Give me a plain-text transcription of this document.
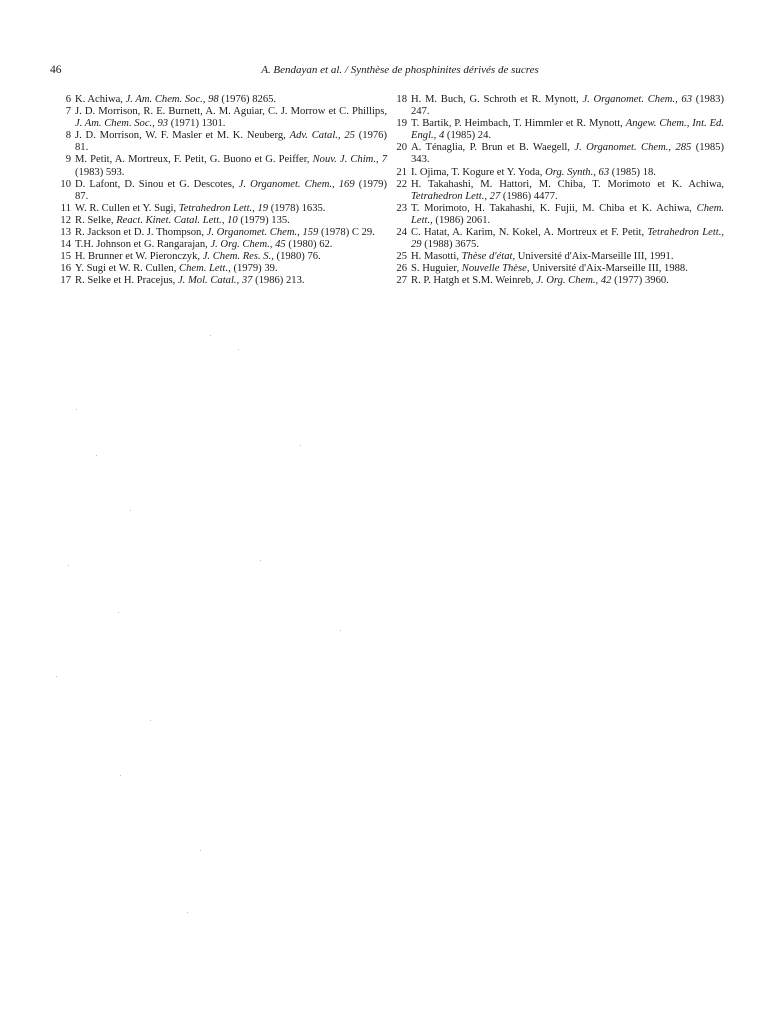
46	A. Bendayan et al. / Synthèse de phosphinites dérivés de sucres
6 K. Achiwa, J. Am. Chem. Soc., 98 (1976) 8265.
7 J. D. Morrison, R. E. Burnett, A. M. Aguiar, C. J. Morrow et C. Phillips, J. Am. Chem. Soc., 93 (1971) 1301.
8 J. D. Morrison, W. F. Masler et M. K. Neuberg, Adv. Catal., 25 (1976) 81.
9 M. Petit, A. Mortreux, F. Petit, G. Buono et G. Peiffer, Nouv. J. Chim., 7 (1983) 593.
10 D. Lafont, D. Sinou et G. Descotes, J. Organomet. Chem., 169 (1979) 87.
11 W. R. Cullen et Y. Sugi, Tetrahedron Lett., 19 (1978) 1635.
12 R. Selke, React. Kinet. Catal. Lett., 10 (1979) 135.
13 R. Jackson et D. J. Thompson, J. Organomet. Chem., 159 (1978) C 29.
14 T.H. Johnson et G. Rangarajan, J. Org. Chem., 45 (1980) 62.
15 H. Brunner et W. Pieronczyk, J. Chem. Res. S., (1980) 76.
16 Y. Sugi et W. R. Cullen, Chem. Lett., (1979) 39.
17 R. Selke et H. Pracejus, J. Mol. Catal., 37 (1986) 213.
18 H. M. Buch, G. Schroth et R. Mynott, J. Organomet. Chem., 63 (1983) 247.
19 T. Bartik, P. Heimbach, T. Himmler et R. Mynott, Angew. Chem., Int. Ed. Engl., 4 (1985) 24.
20 A. Ténaglia, P. Brun et B. Waegell, J. Organomet. Chem., 285 (1985) 343.
21 I. Ojima, T. Kogure et Y. Yoda, Org. Synth., 63 (1985) 18.
22 H. Takahashi, M. Hattori, M. Chiba, T. Morimoto et K. Achiwa, Tetrahedron Lett., 27 (1986) 4477.
23 T. Morimoto, H. Takahashi, K. Fujii, M. Chiba et K. Achiwa, Chem. Lett., (1986) 2061.
24 C. Hatat, A. Karim, N. Kokel, A. Mortreux et F. Petit, Tetrahedron Lett., 29 (1988) 3675.
25 H. Masotti, Thèse d'état, Université d'Aix-Marseille III, 1991.
26 S. Huguier, Nouvelle Thèse, Université d'Aix-Marseille III, 1988.
27 R. P. Hatgh et S.M. Weinreb, J. Org. Chem., 42 (1977) 3960.
